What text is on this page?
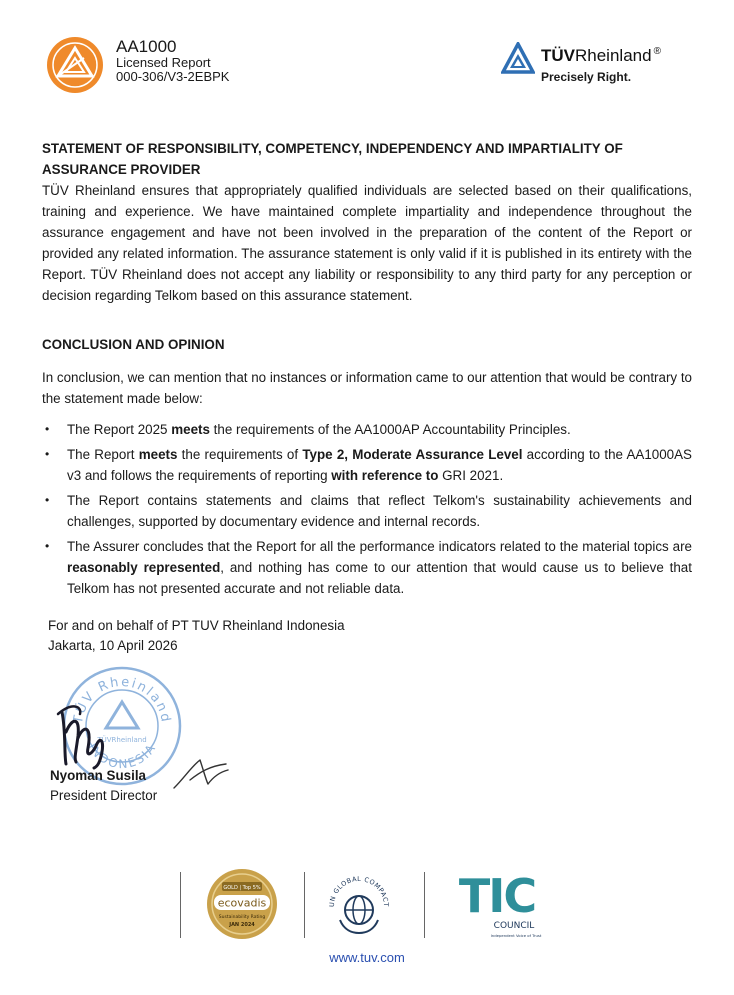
AA1000
Licensed Report
000-306/V3-2EBPK
TÜVRheinland ®
Precisely Right.
STATEMENT OF RESPONSIBILITY, COMPETENCY, INDEPENDENCY AND IMPARTIALITY OF
ASSURANCE PROVIDER

TÜV Rheinland ensures that appropriately qualified individuals are selected based on their qualifications, training and experience. We have maintained complete impartiality and independence throughout the assurance engagement and have not been involved in the preparation of the content of the Report or provided any related information. The assurance statement is only valid if it is published in its entirety with the Report. TÜV Rheinland does not accept any liability or responsibility to any third party for any perception or decision regarding Telkom based on this assurance statement.

CONCLUSION AND OPINION

In conclusion, we can mention that no instances or information came to our attention that would be contrary to the statement made below:

• The Report 2025 meets the requirements of the AA1000AP Accountability Principles.
• The Report meets the requirements of Type 2, Moderate Assurance Level according to the AA1000AS v3 and follows the requirements of reporting with reference to GRI 2021.
• The Report contains statements and claims that reflect Telkom's sustainability achievements and challenges, supported by documentary evidence and internal records.
• The Assurer concludes that the Report for all the performance indicators related to the material topics are reasonably represented, and nothing has come to our attention that would cause us to believe that Telkom has not presented accurate and not reliable data.
For and on behalf of PT TUV Rheinland Indonesia
Jakarta, 10 April 2026
TÜV Rheinland
INDONESIA
TÜVRheinland
Nyoman Susila
President Director
GOLD | Top 5%
ecovadis
Sustainability Rating
JAN 2024
UN GLOBAL COMPACT TIC
COUNCIL
Independent Voice of Trust
www.tuv.com
